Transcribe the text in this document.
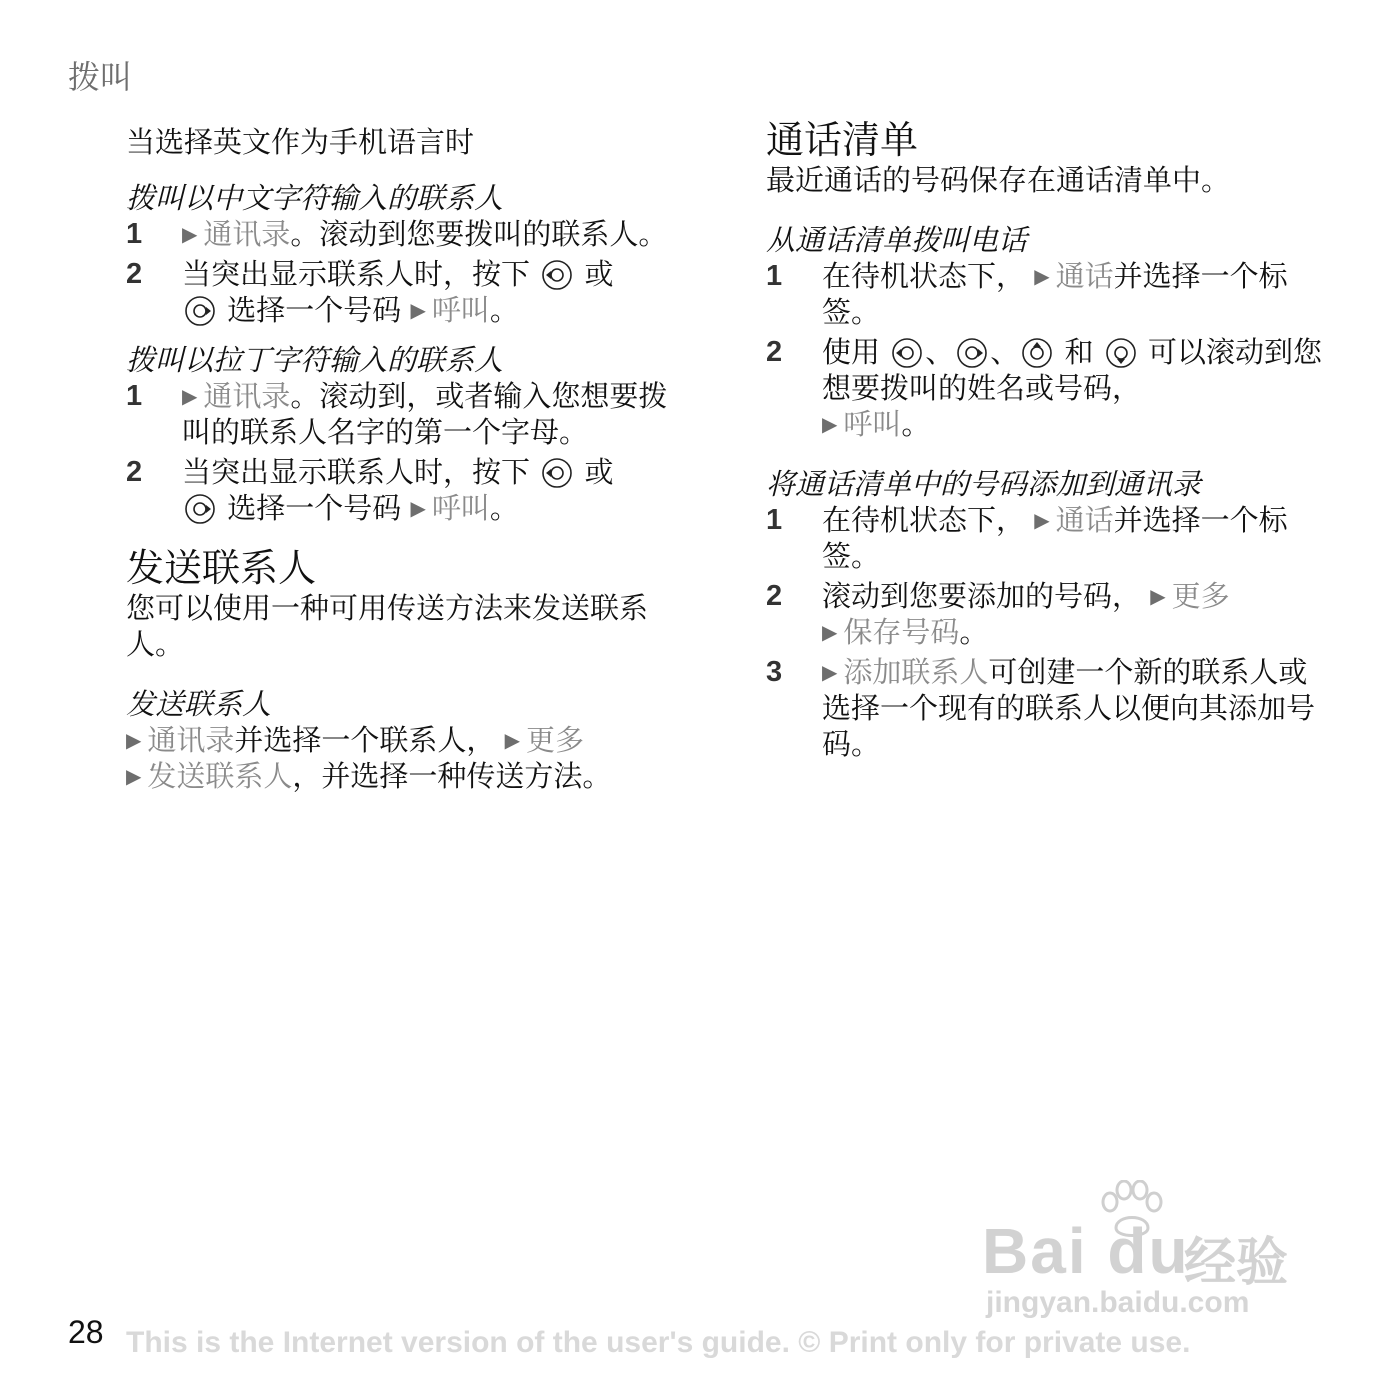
拨叫
当选择英文作为手机语言时
拨叫以中文字符输入的联系人
1	▶ 通讯录。滚动到您要拨叫的联系人。
2	当突出显示联系人时，按下 或
选择一个号码 ▶ 呼叫。
拨叫以拉丁字符输入的联系人
1	▶ 通讯录。滚动到，或者输入您想要拨叫的联系人名字的第一个字母。
2	当突出显示联系人时，按下 或
选择一个号码 ▶ 呼叫。
发送联系人
您可以使用一种可用传送方法来发送联系人。
发送联系人
▶ 通讯录并选择一个联系人， ▶ 更多
▶ 发送联系人，并选择一种传送方法。
通话清单
最近通话的号码保存在通话清单中。
从通话清单拨叫电话
1	在待机状态下， ▶ 通话并选择一个标签。
2	使用 、 、 和 可以滚动到您想要拨叫的姓名或号码，
▶ 呼叫。
将通话清单中的号码添加到通讯录
1	在待机状态下， ▶ 通话并选择一个标签。
2	滚动到您要添加的号码， ▶ 更多
▶ 保存号码。
3	▶ 添加联系人可创建一个新的联系人或选择一个现有的联系人以便向其添加号码。
Bai du
经验
jingyan.baidu.com
28 This is the Internet version of the user's guide. © Print only for private use.
